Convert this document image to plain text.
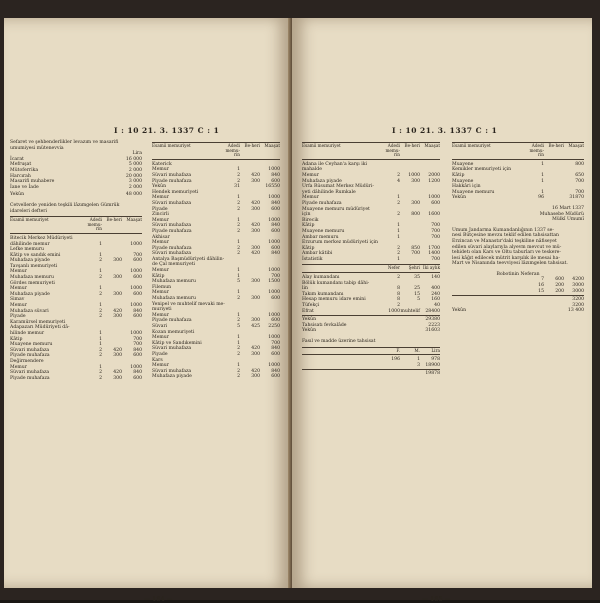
I : 10 21. 3. 1337 C : 1
Sefaret ve şehbenderlikler levazım ve masarifi
umumiyesi mütenevvia
Lira
İcarat	16 000
Mefruşat	5 000
Mütoferrika	2 000
Harcırah	20 000
Masarifi muhabere	3 000
İane ve İade	2 000
Yekûn	48 000
Cetvellerde yeniden teşkili lâzımgelen Gümrük
idareleri defteri
Esamii memuriyet	Adedi memu-rin
Be-heri	Maaşat
Bitecik Merkez Müdüriyeti
dâhilinde memur	1	1000
Lefke memuru
Kâtip ve sandık emini	1	700
Muhafaza piyade	2	300	600
Tavşanlı memuriyeti
Memur	1	1000
Muhafaza memuru	2	300	600
Gördes memuriyeti
Memur	1	1000
Muhafaza piyade	2	300	600
Simav
Memur	1	1000
Muhafaza süvari	2	420	840
Piyade	2	300	600
Karamürsel memuriyeti
Adapazarı Müdüriyeti dâ-
hilinde memur	1	1000
Kâtip	1	700
Muayene memuru	1	700
Süvari muhafaza	2	420	840
Piyade muhafaza	2	300	600
Değirmendere
Memur	1	1000
Süvari muhafaza	2	420	840
Piyade muhafaza	2	300	600
Esamii memuriyet	Adedi memu-rin
Be-heri	Maaşat
Katerick
Memur	1	1000
Süvari muhafaza	2	420	840
Piyade muhafaza	2	300	600
Yekûn	31	16550
Hendek memuriyeti
Memur	1	1000
Süvari muhafaza	2	420	840
Piyade	2	300	600
Zincirli
Memur	1	1000
Süvari muhafaza	2	420	840
Piyade muhafaza	2	300	600
Akhisar
Memur	1	1000
Piyade muhafaza	2	300	600
Süvari muhafaza	2	420	840
Antalya Başmüdüriyeti dâhilin-
de Çal memuriyeti
Memur	1	1000
Kâtip	1	700
Muhafaza memuru	5	300	1500
Filemun
Memur	1	1000
Muhafaza memuru	2	300	600
Yenipel ve muhtelif mevaki me-
muriyeti
Memur	1	1000
Piyade muhafaza	2	300	600
Süvari	5	425	2250
Kozan memuriyeti
Memur	1	1000
Kâtip ve Sandıkemini	1	700
Süvari muhafaza	2	420	840
Piyade	2	300	600
Kars
Memur	1	1000
Süvari muhafaza	2	420	840
Muhafaza piyade	2	300	600
— 184 —
I : 10 21. 3. 1337 C : 1
Esamii memuriyet	Adedi memu-rin
Be-heri	Maaşat
Adana ile Ceyhan'a karşı iki
mahalde
Memur	2	1000	2000
Muhafaza piyade	4	300	1200
Urfa Rüsumat Merkez Müdüri-
yeti dâhilinde Rumkale
Memur	1	1000
Piyade muhafaza	2	300	600
Muayene memuru müdüriyet
için	2	800	1600
Birecik
Kâtip	1	700
Muayene memuru	1	700
Ambar memuru	1	700
Erzurum merkez müdüriyeti için
Kâtip	2	850	1700
Ambar kâtibi	2	700	1400
İstatistik	1	700
Nefer	Şehri İki aylık
Alay kumandanı	2	35	140
Bölük kumandanı tabip dâhi-
lin	8	25	400
Takım kumandanı	8	15	240
Hesap memuru idare emini	8	5	160
Tüfekçi	2	40
Efrat	1000 muhtelif	28400
Yekûn	29380
Tahsisatı fevkalâde	2223
Yekûn	31603
Fasıl ve madde üzerine tahsisat
F.	M.	Lira
196	1	978
3	18900
19878
Esamii memuriyet	Adedi memu-rin
Be-heri	Maaşat
Muayene	1	800
Kemikler memuriyeti için
Kâtip	1	650
Muayene	1	700
Hakkâri için
Muayene memuru	1	700
Yekûn	96	31870
16 Mart 1337
Muhasebe Müdürü
Mülkî Umumî
Umum Jandarma Kumandanlığının 1337 se-
nesi Bütçesine mevzu teklif edilen tahsisattan
Erzincan ve Manastır'daki teşkiline nâfiseyet
edilen süvari alaylarıyla alyevm mevcut ve mü-
tehidetı olan Kars ve Oltu taburları ve teskere-
lesi kâğıt edilecek mütrit karşılık ile mesai ha-
Mart ve Nisanında teevviyesi lâzımgelen tahsisat.
Bobotinin Neferan
7	600	4200
16	200	3000
15	200	3000
3200
3200
Yekûn	13 400
— 185 —
